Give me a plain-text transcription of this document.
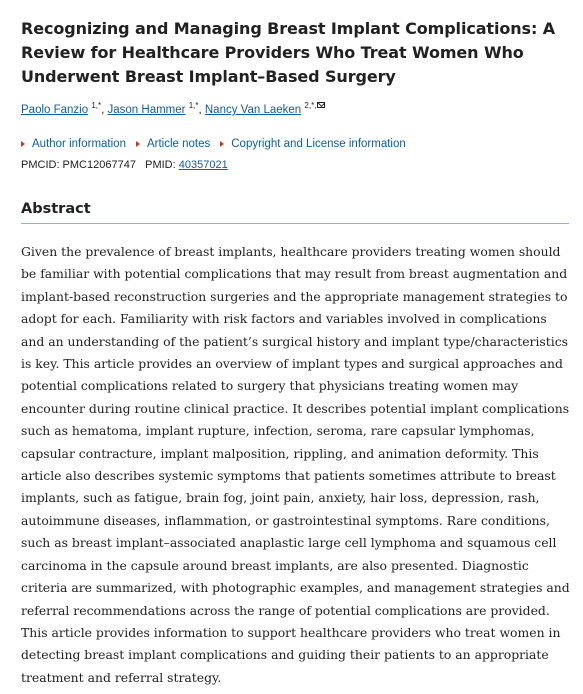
Recognizing and Managing Breast Implant Complications: A Review for Healthcare Providers Who Treat Women Who Underwent Breast Implant–Based Surgery
Paolo Fanzio $^{1,*}$, Jason Hammer $^{1,*}$, Nancy Van Laeken $^{2,*,}$
Author information Article notes Copyright and License information
PMCID: PMC12067747 PMID: 40357021
Abstract

Given the prevalence of breast implants, healthcare providers treating women should be familiar with potential complications that may result from breast augmentation and implant-based reconstruction surgeries and the appropriate management strategies to adopt for each. Familiarity with risk factors and variables involved in complications and an understanding of the patient’s surgical history and implant type/characteristics is key. This article provides an overview of implant types and surgical approaches and potential complications related to surgery that physicians treating women may encounter during routine clinical practice. It describes potential implant complications such as hematoma, implant rupture, infection, seroma, rare capsular lymphomas, capsular contracture, implant malposition, rippling, and animation deformity. This article also describes systemic symptoms that patients sometimes attribute to breast implants, such as fatigue, brain fog, joint pain, anxiety, hair loss, depression, rash, autoimmune diseases, inflammation, or gastrointestinal symptoms. Rare conditions, such as breast implant–associated anaplastic large cell lymphoma and squamous cell carcinoma in the capsule around breast implants, are also presented. Diagnostic criteria are summarized, with photographic examples, and management strategies and referral recommendations across the range of potential complications are provided. This article provides information to support healthcare providers who treat women in detecting breast implant complications and guiding their patients to an appropriate treatment and referral strategy.
